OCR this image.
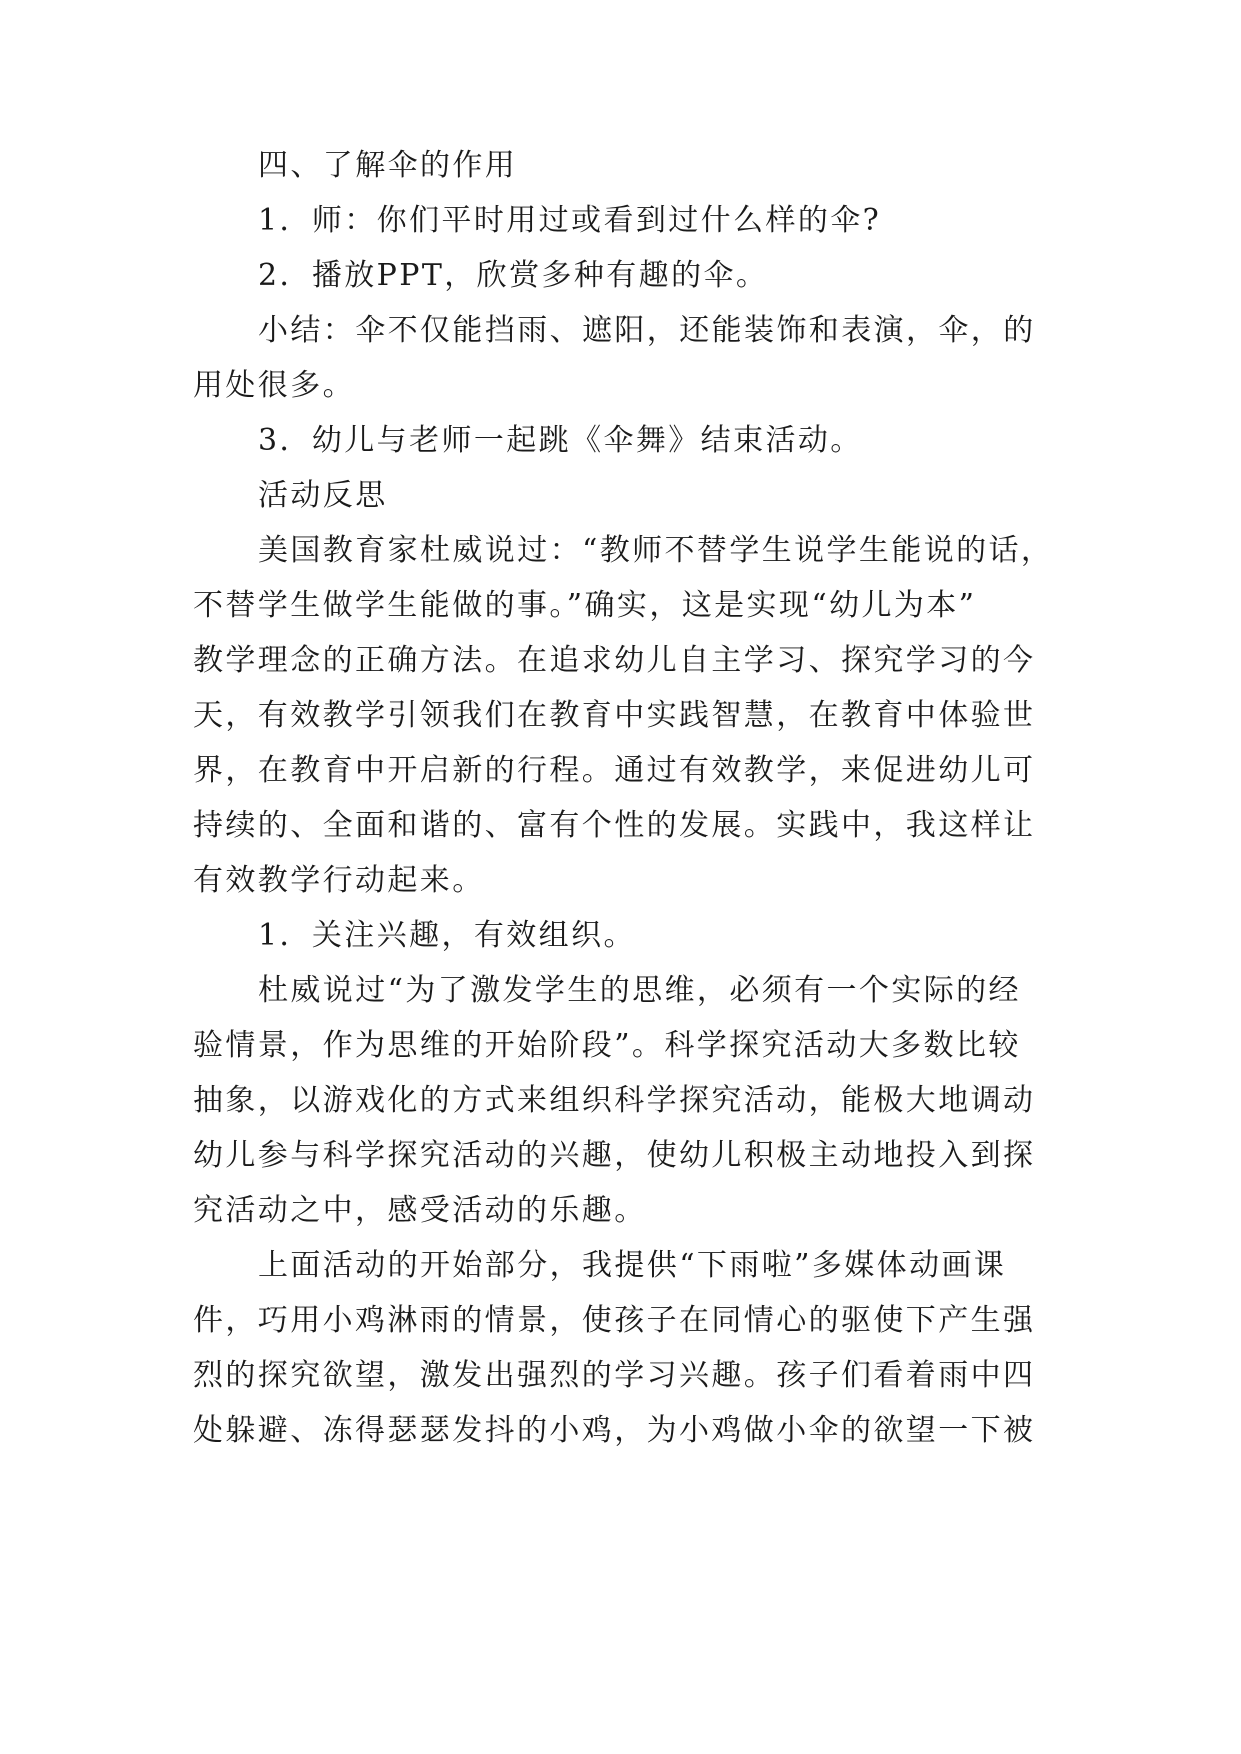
四、了解伞的作用
1．师：你们平时用过或看到过什么样的伞?
2．播放PPT，欣赏多种有趣的伞。
小结：伞不仅能挡雨、遮阳，还能装饰和表演，伞，的
用处很多。
3．幼儿与老师一起跳《伞舞》结束活动。
活动反思
美国教育家杜威说过：“教师不替学生说学生能说的话，
不替学生做学生能做的事。”确实，这是实现“幼儿为本”
教学理念的正确方法。在追求幼儿自主学习、探究学习的今
天，有效教学引领我们在教育中实践智慧，在教育中体验世
界，在教育中开启新的行程。通过有效教学，来促进幼儿可
持续的、全面和谐的、富有个性的发展。实践中，我这样让
有效教学行动起来。
1．关注兴趣，有效组织。
杜威说过“为了激发学生的思维，必须有一个实际的经
验情景，作为思维的开始阶段”。科学探究活动大多数比较
抽象，以游戏化的方式来组织科学探究活动，能极大地调动
幼儿参与科学探究活动的兴趣，使幼儿积极主动地投入到探
究活动之中，感受活动的乐趣。
上面活动的开始部分，我提供“下雨啦”多媒体动画课
件，巧用小鸡淋雨的情景，使孩子在同情心的驱使下产生强
烈的探究欲望，激发出强烈的学习兴趣。孩子们看着雨中四
处躲避、冻得瑟瑟发抖的小鸡，为小鸡做小伞的欲望一下被
